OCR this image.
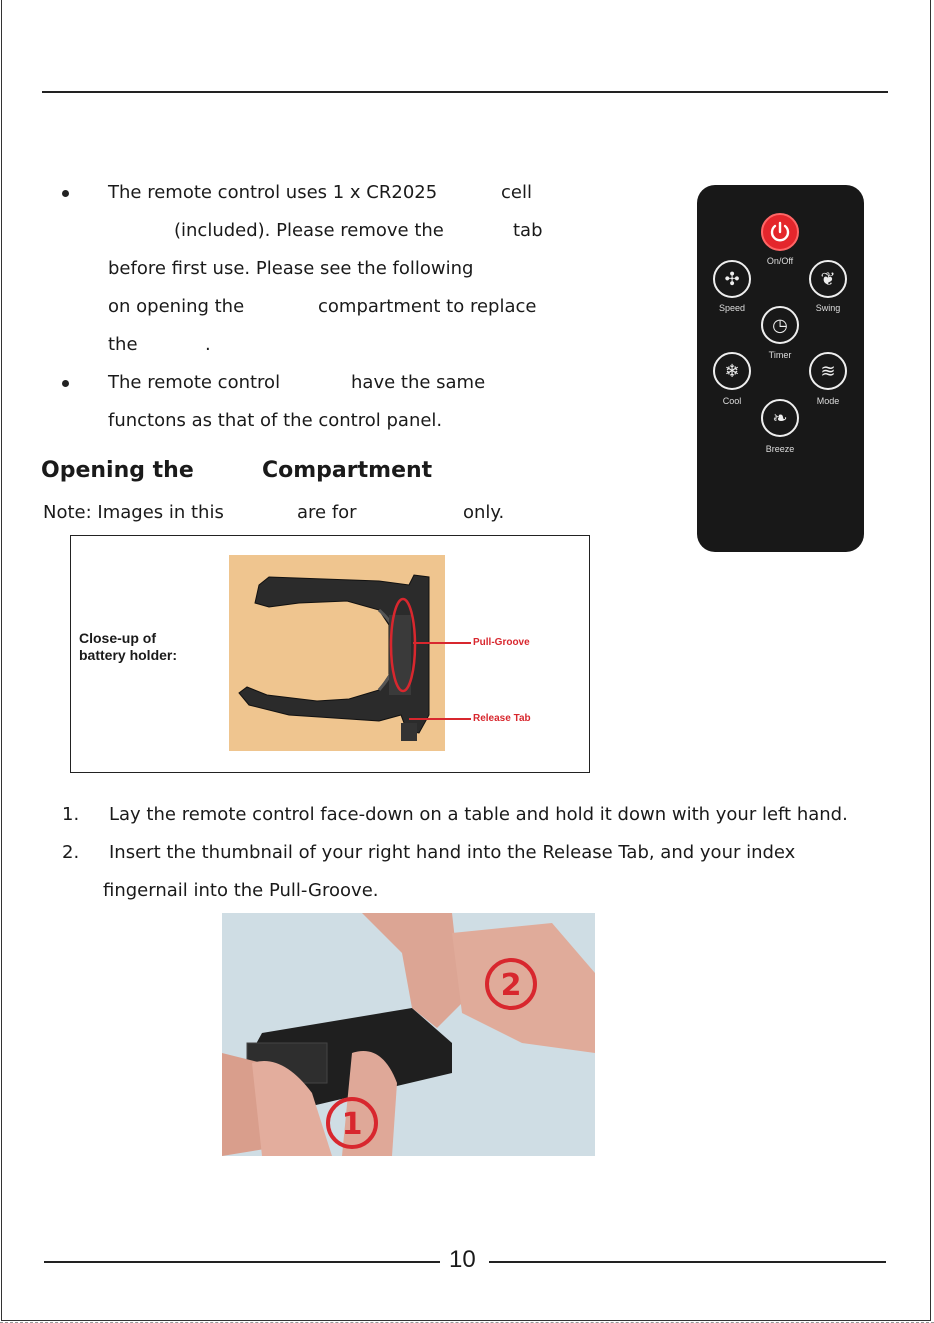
The remote control uses 1 x CR2025	cell
(included). Please remove the	tab
before first use. Please see the following
on opening the	compartment to replace
the	.
The remote control	have the same
functons as that of the control panel.
Opening the	Compartment
Note: Images in this	are for	only.
Close-up of battery holder:
Pull-Groove
Release Tab
1. Lay the remote control face-down on a table and hold it down with your left hand.
2. Insert the thumbnail of your right hand into the Release Tab, and your index
fingernail into the Pull-Groove.
2
1
On/Off
✣
Speed
❦
Swing
◷
Timer
❄
Cool
≋
Mode
❧
Breeze
10
